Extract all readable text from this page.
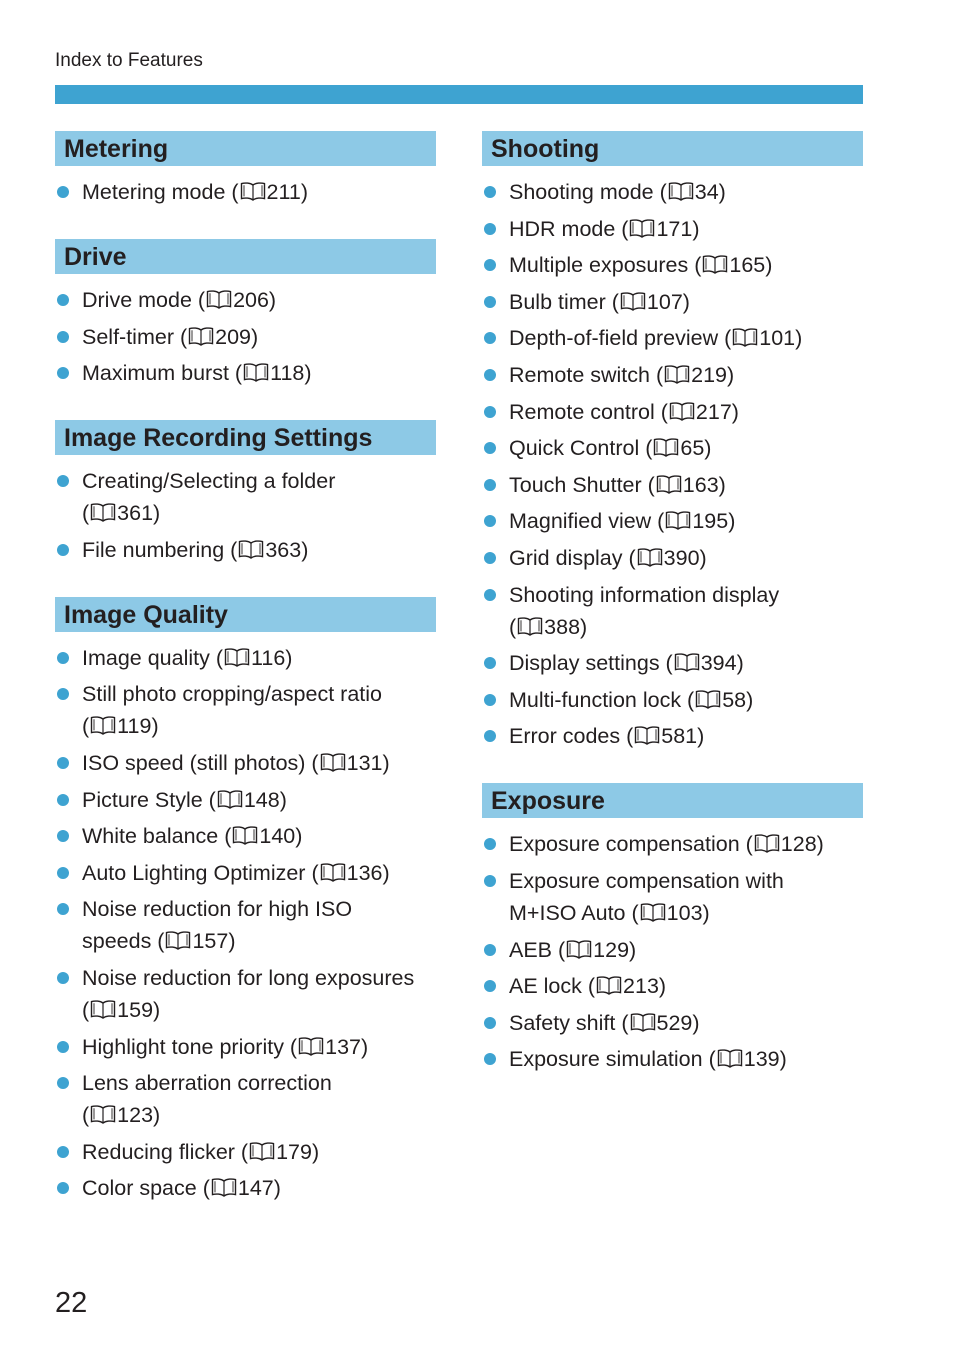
Index to Features
Metering
Metering mode ( 211)
Drive
Drive mode ( 206)
Self-timer ( 209)
Maximum burst ( 118)
Image Recording Settings
Creating/Selecting a folder
( 361)
File numbering ( 363)
Image Quality
Image quality ( 116)
Still photo cropping/aspect ratio
( 119)
ISO speed (still photos) ( 131)
Picture Style ( 148)
White balance ( 140)
Auto Lighting Optimizer ( 136)
Noise reduction for high ISO
speeds ( 157)
Noise reduction for long exposures
( 159)
Highlight tone priority ( 137)
Lens aberration correction
( 123)
Reducing flicker ( 179)
Color space ( 147)
Shooting
Shooting mode ( 34)
HDR mode ( 171)
Multiple exposures ( 165)
Bulb timer ( 107)
Depth-of-field preview ( 101)
Remote switch ( 219)
Remote control ( 217)
Quick Control ( 65)
Touch Shutter ( 163)
Magnified view ( 195)
Grid display ( 390)
Shooting information display
( 388)
Display settings ( 394)
Multi-function lock ( 58)
Error codes ( 581)
Exposure
Exposure compensation ( 128)
Exposure compensation with
M+ISO Auto ( 103)
AEB ( 129)
AE lock ( 213)
Safety shift ( 529)
Exposure simulation ( 139)
22
